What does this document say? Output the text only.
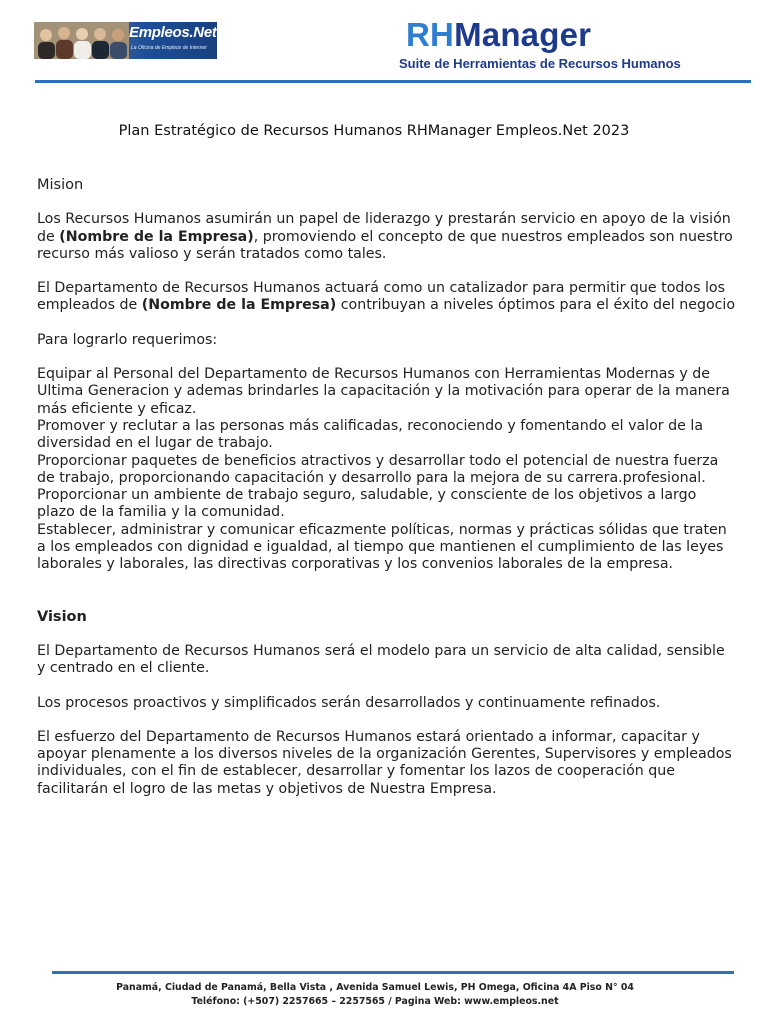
Empleos.Net
La Oficina de Empleos de Internet	RHManager
Suite de Herramientas de Recursos Humanos
Plan Estratégico de Recursos Humanos RHManager Empleos.Net 2023

Mision

Los Recursos Humanos asumirán un papel de liderazgo y prestarán servicio en apoyo de la visión de (Nombre de la Empresa), promoviendo el concepto de que nuestros empleados son nuestro recurso más valioso y serán tratados como tales.

El Departamento de Recursos Humanos actuará como un catalizador para permitir que todos los empleados de (Nombre de la Empresa) contribuyan a niveles óptimos para el éxito del negocio

Para lograrlo requerimos:

Equipar al Personal del Departamento de Recursos Humanos con Herramientas Modernas y de Ultima Generacion y ademas brindarles la capacitación y la motivación para operar de la manera más eficiente y eficaz.

Promover y reclutar a las personas más calificadas, reconociendo y fomentando el valor de la diversidad en el lugar de trabajo.

Proporcionar paquetes de beneficios atractivos y desarrollar todo el potencial de nuestra fuerza de trabajo, proporcionando capacitación y desarrollo para la mejora de su carrera.profesional.

Proporcionar un ambiente de trabajo seguro, saludable, y consciente de los objetivos a largo plazo de la familia y la comunidad.

Establecer, administrar y comunicar eficazmente políticas, normas y prácticas sólidas que traten a los empleados con dignidad e igualdad, al tiempo que mantienen el cumplimiento de las leyes laborales y laborales, las directivas corporativas y los convenios laborales de la empresa.

Vision

El Departamento de Recursos Humanos será el modelo para un servicio de alta calidad, sensible y centrado en el cliente.

Los procesos proactivos y simplificados serán desarrollados y continuamente refinados.

El esfuerzo del Departamento de Recursos Humanos estará orientado a informar, capacitar y apoyar plenamente a los diversos niveles de la organización Gerentes, Supervisores y empleados individuales, con el fin de establecer, desarrollar y fomentar los lazos de cooperación que facilitarán el logro de las metas y objetivos de Nuestra Empresa.

Panamá, Ciudad de Panamá, Bella Vista , Avenida Samuel Lewis, PH Omega, Oficina 4A Piso N° 04
Teléfono: (+507) 2257665 – 2257565 / Pagina Web: www.empleos.net
